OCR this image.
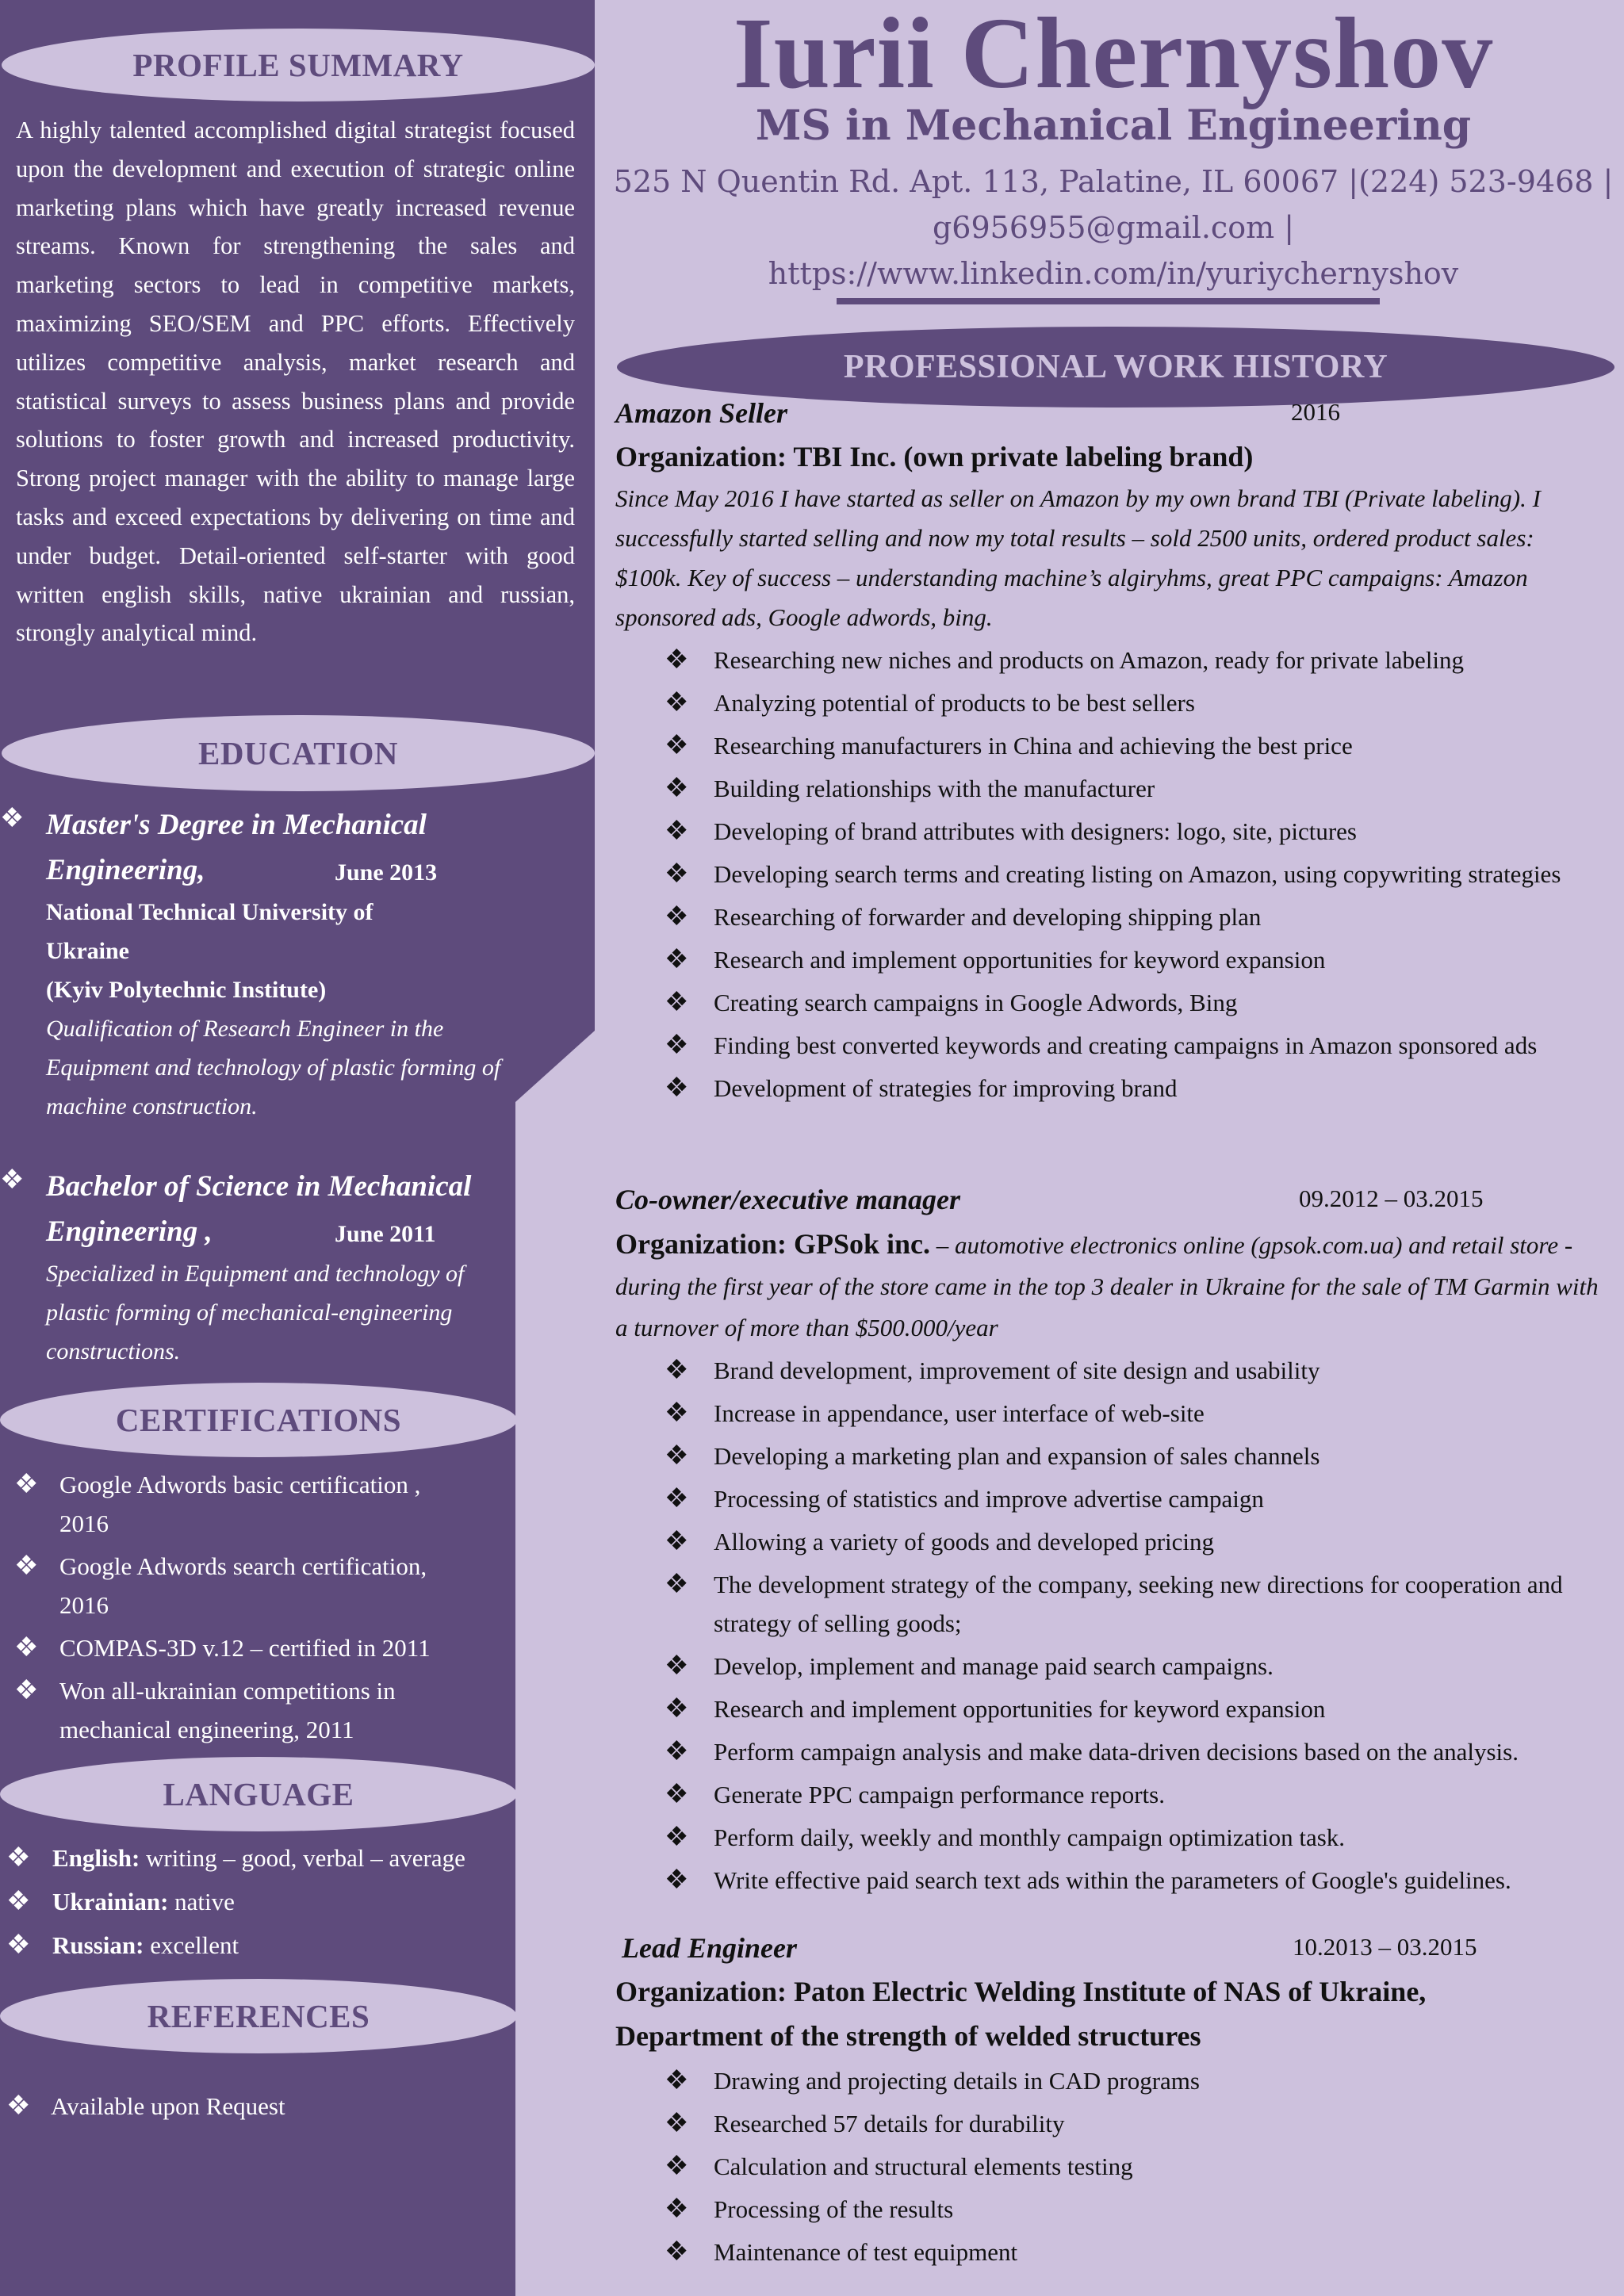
PROFILE SUMMARY
A highly talented accomplished digital strategist focused upon the development and execution of strategic online marketing plans which have greatly increased revenue streams. Known for strengthening the sales and marketing sectors to lead in competitive markets, maximizing SEO/SEM and PPC efforts. Effectively utilizes competitive analysis, market research and statistical surveys to assess business plans and provide solutions to foster growth and increased productivity. Strong project manager with the ability to manage large tasks and exceed expectations by delivering on time and under budget. Detail-oriented self-starter with good written english skills, native ukrainian and russian, strongly analytical mind.
EDUCATION
❖ Master's Degree in Mechanical
Engineering,	June 2013
National Technical University of
Ukraine
(Kyiv Polytechnic Institute)
Qualification of Research Engineer in the Equipment and technology of plastic forming of machine construction.
❖ Bachelor of Science in Mechanical
Engineering ,	June 2011
Specialized in Equipment and technology of plastic forming of mechanical-engineering constructions.
CERTIFICATIONS
❖ Google Adwords basic certification , 2016
❖ Google Adwords search certification, 2016
❖ COMPAS-3D v.12 – certified in 2011
❖ Won all-ukrainian competitions in mechanical engineering, 2011
LANGUAGE
❖ English: writing – good, verbal – average
❖ Ukrainian: native
❖ Russian: excellent
REFERENCES
❖ Available upon Request
Iurii Chernyshov
MS in Mechanical Engineering
525 N Quentin Rd. Apt. 113, Palatine, IL 60067 |(224) 523-9468 |
g6956955@gmail.com |
https://www.linkedin.com/in/yuriychernyshov
PROFESSIONAL WORK HISTORY
Amazon Seller	2016
Organization: TBI Inc. (own private labeling brand)
Since May 2016 I have started as seller on Amazon by my own brand TBI (Private labeling). I successfully started selling and now my total results – sold 2500 units, ordered product sales: $100k. Key of success – understanding machine’s algiryhms, great PPC campaigns: Amazon sponsored ads, Google adwords, bing.
❖ Researching new niches and products on Amazon, ready for private labeling
❖ Analyzing potential of products to be best sellers
❖ Researching manufacturers in China and achieving the best price
❖ Building relationships with the manufacturer
❖ Developing of brand attributes with designers: logo, site, pictures
❖ Developing search terms and creating listing on Amazon, using copywriting strategies
❖ Researching of forwarder and developing shipping plan
❖ Research and implement opportunities for keyword expansion
❖ Creating search campaigns in Google Adwords, Bing
❖ Finding best converted keywords and creating campaigns in Amazon sponsored ads
❖ Development of strategies for improving brand
Co-owner/executive manager	09.2012 – 03.2015
Organization: GPSok inc. – automotive electronics online (gpsok.com.ua) and retail store - during the first year of the store came in the top 3 dealer in Ukraine for the sale of TM Garmin with a turnover of more than $500.000/year
❖ Brand development, improvement of site design and usability
❖ Increase in appendance, user interface of web-site
❖ Developing a marketing plan and expansion of sales channels
❖ Processing of statistics and improve advertise campaign
❖ Allowing a variety of goods and developed pricing
❖ The development strategy of the company, seeking new directions for cooperation and strategy of selling goods;
❖ Develop, implement and manage paid search campaigns.
❖ Research and implement opportunities for keyword expansion
❖ Perform campaign analysis and make data-driven decisions based on the analysis.
❖ Generate PPC campaign performance reports.
❖ Perform daily, weekly and monthly campaign optimization task.
❖ Write effective paid search text ads within the parameters of Google's guidelines.
Lead Engineer	10.2013 – 03.2015
Organization: Paton Electric Welding Institute of NAS of Ukraine, Department of the strength of welded structures
❖ Drawing and projecting details in CAD programs
❖ Researched 57 details for durability
❖ Calculation and structural elements testing
❖ Processing of the results
❖ Maintenance of test equipment
